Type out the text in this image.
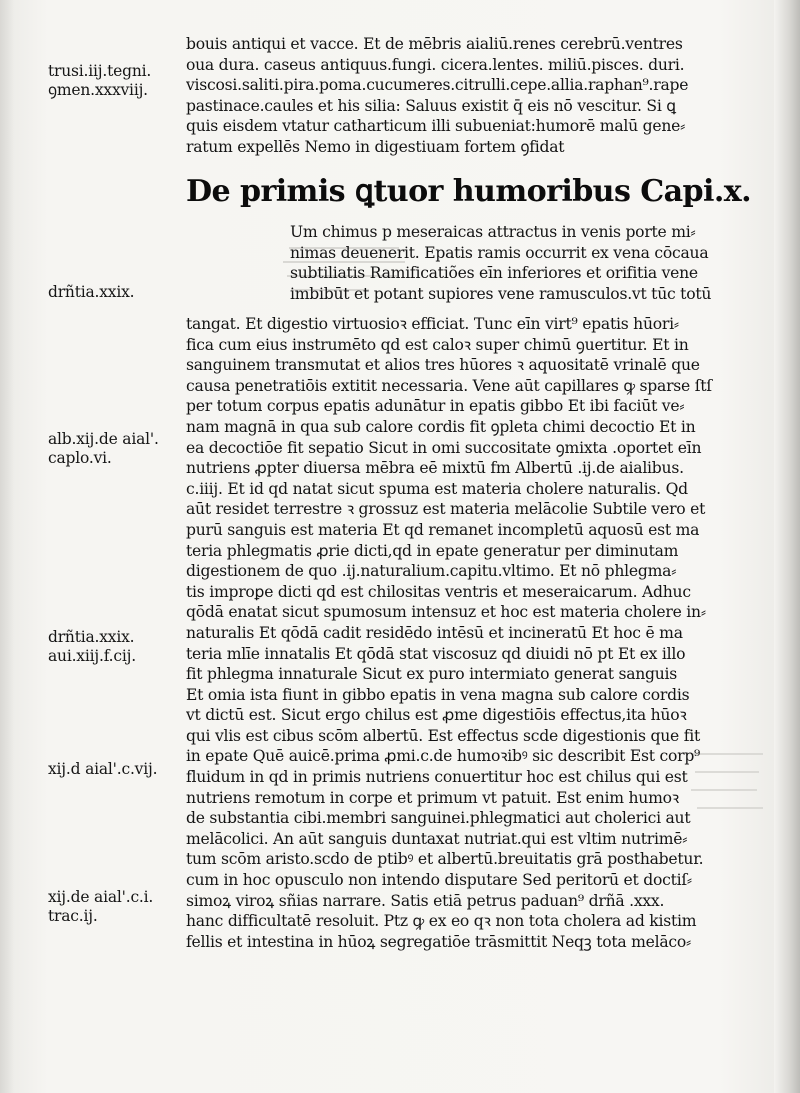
trusi.iij.tegni.
ꝯmen.xxxviij.
drñtia.xxix.
alb.xij.de aial'.
caplo.vi.
drñtia.xxix.
aui.xiij.f.cij.
xij.d aial'.c.vij.
xij.de aial'.c.i.
trac.ij.
bouis antiqui et vacce. Et de mēbris aialiū.renes cerebrū.ventres
oua dura. caseus antiquus.fungi. cicera.lentes. miliū.pisces. duri.
viscosi.saliti.pira.poma.cucumeres.citrulli.cepe.allia.raphan⁹.rape
pastinace.caules et his silia: Saluus existit q̄ eis nō vescitur. Si ꝗ
quis eisdem vtatur catharticum illi subueniat:humorē malū gene⸗
ratum expellēs Nemo in digestiuam fortem ꝯfidat
De primis ꝗtuor humoribus Capi.x.
Um chimus p meseraicas attractus in venis porte mi⸗
nimas deuenerit. Epatis ramis occurrit ex vena cōcaua
subtiliatis Ramificatiões eīn inferiores et orifitia vene
imbibūt et potant supiores vene ramusculos.vt tūc totū
tangat. Et digestio virtuosioꝛ efficiat. Tunc eīn virt⁹ epatis hūori⸗
fica cum eius instrumēto qd est caloꝛ super chimū ꝯuertitur. Et in
sanguinem transmutat et alios tres hūores ꝛ aquositatē vrinalē que
causa penetratiōis extitit necessaria. Vene aūt capillares ꝙ sparse ſtſ
per totum corpus epatis adunātur in epatis gibbo Et ibi faciūt ve⸗
nam magnā in qua sub calore cordis fit ꝯpleta chimi decoctio Et in
ea decoctiōe fit sepatio Sicut in omi succositate ꝯmixta .oportet eīn
nutriens ꝓpter diuersa mēbra eē mixtū fm Albertū .ij.de aialibus.
c.iiij. Et id qd natat sicut spuma est materia cholere naturalis. Qd
aūt residet terrestre ꝛ grossuz est materia melācolie Subtile vero et
purū sanguis est materia Et qd remanet incompletū aquosū est ma
teria phlegmatis ꝓrie dicti,qd in epate generatur per diminutam
digestionem de quo .ij.naturalium.capitu.vltimo. Et nō phlegma⸗
tis improꝑe dicti qd est chilositas ventris et meseraicarum. Adhuc
qōdā enatat sicut spumosum intensuz et hoc est materia cholere in⸗
naturalis Et qōdā cadit residēdo intēsū et incineratū Et hoc ē ma
teria mlīe innatalis Et qōdā stat viscosuz qd diuidi nō pt Et ex illo
fit phlegma innaturale Sicut ex puro intermiato generat sanguis
Et omia ista fiunt in gibbo epatis in vena magna sub calore cordis
vt dictū est. Sicut ergo chilus est ꝓme digestiōis effectus,ita hūoꝛ
qui vlis est cibus scōm albertū. Est effectus scde digestionis que fit
in epate Quē auicē.prima ꝓmi.c.de humoꝛibꝰ sic describit Est corp⁹
fluidum in qd in primis nutriens conuertitur hoc est chilus qui est
nutriens remotum in corpe et primum vt patuit. Est enim humoꝛ
de substantia cibi.membri sanguinei.phlegmatici aut cholerici aut
melācolici. An aūt sanguis duntaxat nutriat.qui est vltim nutrimē⸗
tum scōm aristo.scdo de ptibꝰ et albertū.breuitatis grā posthabetur.
cum in hoc opusculo non intendo disputare Sed peritorū et doctiſ⸗
simoꝝ viroꝝ sñias narrare. Satis etiā petrus paduan⁹ drñā .xxx.
hanc difficultatē resoluit. Ptz ꝙ ex eo qꝛ non tota cholera ad kistim
fellis et intestina in hūoꝝ segregatiōe trāsmittit Neqꝫ tota melāco⸗
